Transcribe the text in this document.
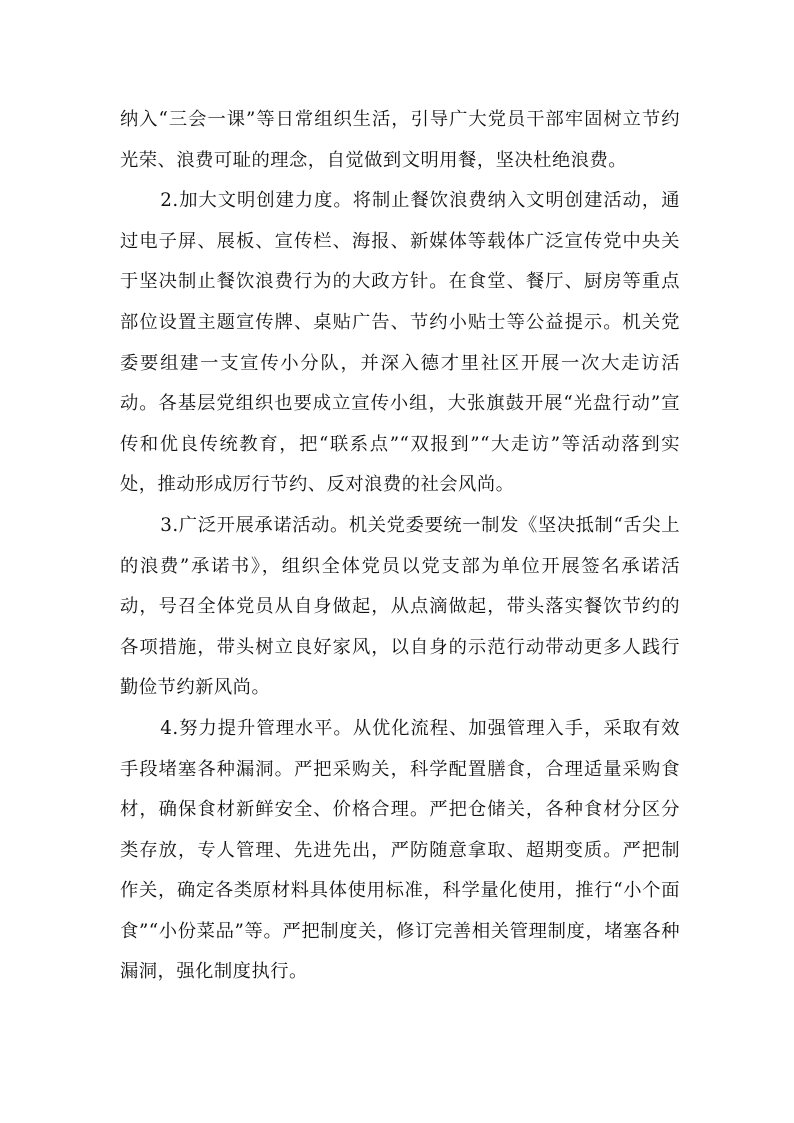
纳入“三会一课”等日常组织生活，引导广大党员干部牢固树立节约光荣、浪费可耻的理念，自觉做到文明用餐，坚决杜绝浪费。

2.加大文明创建力度。将制止餐饮浪费纳入文明创建活动，通过电子屏、展板、宣传栏、海报、新媒体等载体广泛宣传党中央关于坚决制止餐饮浪费行为的大政方针。在食堂、餐厅、厨房等重点部位设置主题宣传牌、桌贴广告、节约小贴士等公益提示。机关党委要组建一支宣传小分队，并深入德才里社区开展一次大走访活动。各基层党组织也要成立宣传小组，大张旗鼓开展“光盘行动”宣传和优良传统教育，把“联系点”“双报到”“大走访”等活动落到实处，推动形成厉行节约、反对浪费的社会风尚。

3.广泛开展承诺活动。机关党委要统一制发《坚决抵制“舌尖上的浪费”承诺书》，组织全体党员以党支部为单位开展签名承诺活动，号召全体党员从自身做起，从点滴做起，带头落实餐饮节约的各项措施，带头树立良好家风，以自身的示范行动带动更多人践行勤俭节约新风尚。

4.努力提升管理水平。从优化流程、加强管理入手，采取有效手段堵塞各种漏洞。严把采购关，科学配置膳食，合理适量采购食材，确保食材新鲜安全、价格合理。严把仓储关，各种食材分区分类存放，专人管理、先进先出，严防随意拿取、超期变质。严把制作关，确定各类原材料具体使用标准，科学量化使用，推行“小个面食”“小份菜品”等。严把制度关，修订完善相关管理制度，堵塞各种漏洞，强化制度执行。
